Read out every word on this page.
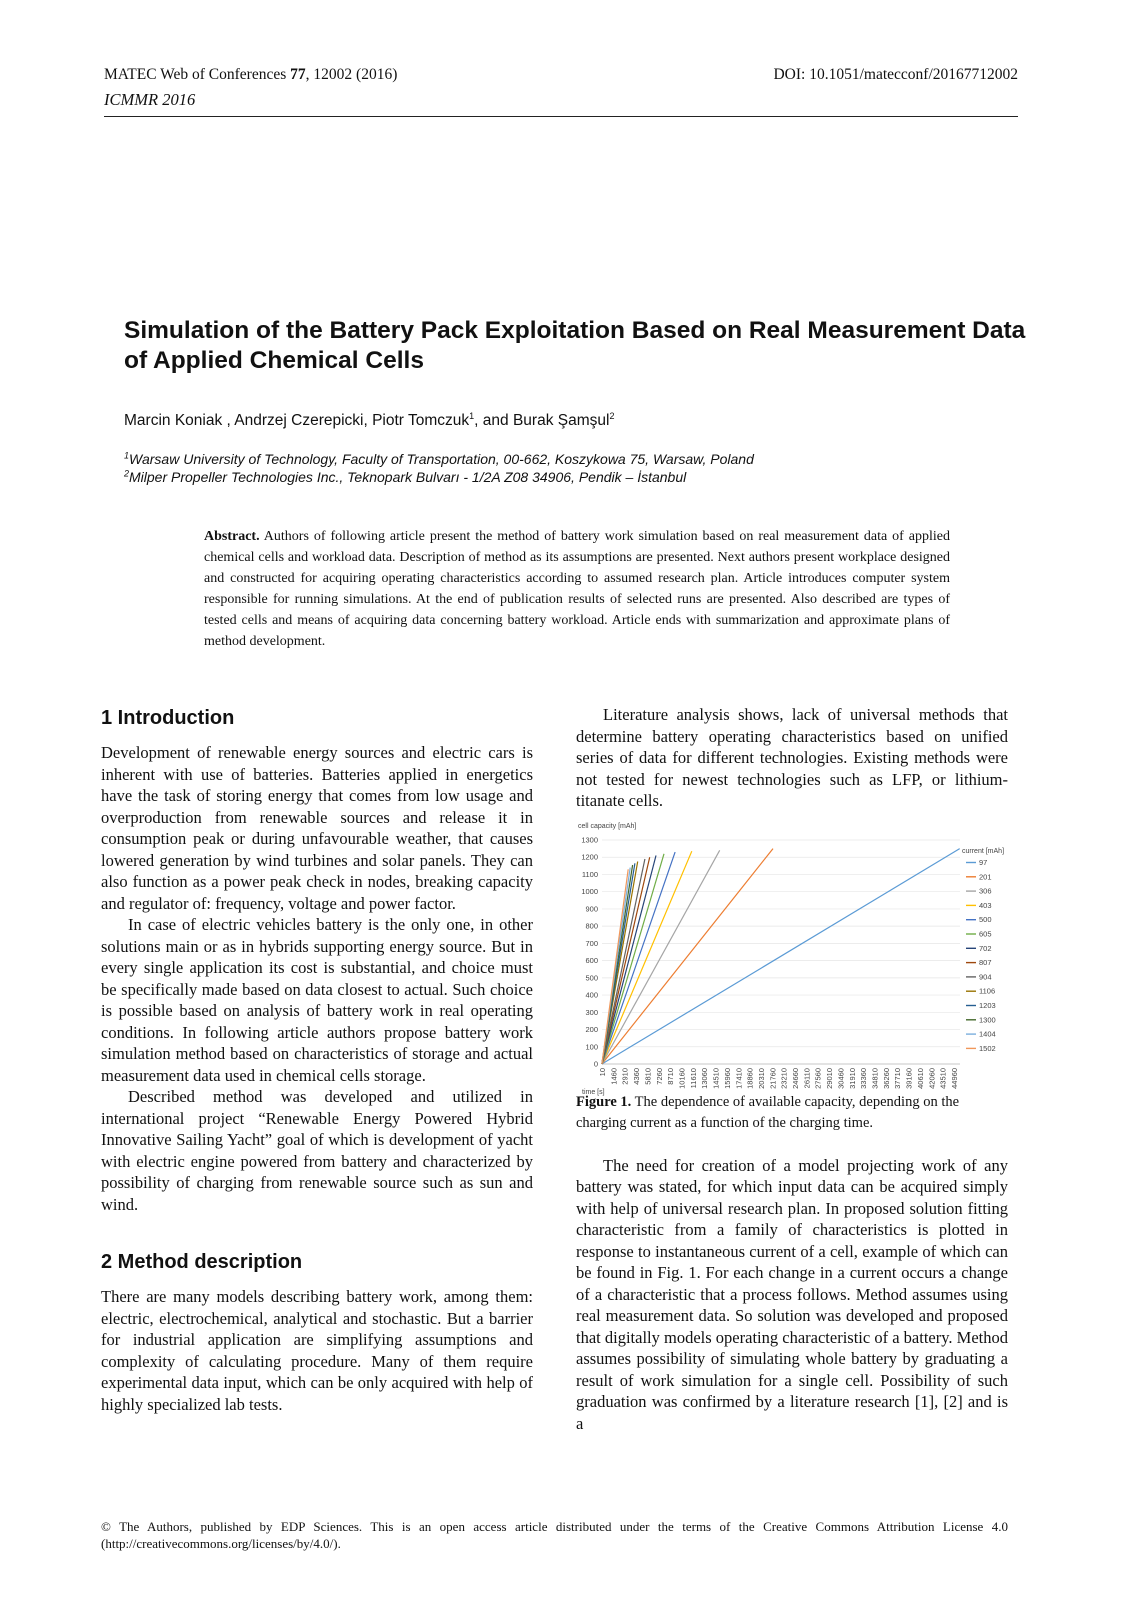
MATEC Web of Conferences 77, 12002 (2016)
ICMMR 2016
DOI: 10.1051/matecconf/20167712002
Simulation of the Battery Pack Exploitation Based on Real Measurement Data of Applied Chemical Cells
Marcin Koniak , Andrzej Czerepicki, Piotr Tomczuk$^1$, and Burak Şamşul$^2$
$^1$Warsaw University of Technology, Faculty of Transportation, 00-662, Koszykowa 75, Warsaw, Poland
$^2$Milper Propeller Technologies Inc., Teknopark Bulvarı - 1/2A Z08 34906, Pendik – İstanbul
Abstract. Authors of following article present the method of battery work simulation based on real measurement data of applied chemical cells and workload data. Description of method as its assumptions are presented. Next authors present workplace designed and constructed for acquiring operating characteristics according to assumed research plan. Article introduces computer system responsible for running simulations. At the end of publication results of selected runs are presented. Also described are types of tested cells and means of acquiring data concerning battery workload. Article ends with summarization and approximate plans of method development.
1 Introduction

Development of renewable energy sources and electric cars is inherent with use of batteries. Batteries applied in energetics have the task of storing energy that comes from low usage and overproduction from renewable sources and release it in consumption peak or during unfavourable weather, that causes lowered generation by wind turbines and solar panels. They can also function as a power peak check in nodes, breaking capacity and regulator of: frequency, voltage and power factor.

In case of electric vehicles battery is the only one, in other solutions main or as in hybrids supporting energy source. But in every single application its cost is substantial, and choice must be specifically made based on data closest to actual. Such choice is possible based on analysis of battery work in real operating conditions. In following article authors propose battery work simulation method based on characteristics of storage and actual measurement data used in chemical cells storage.

Described method was developed and utilized in international project “Renewable Energy Powered Hybrid Innovative Sailing Yacht” goal of which is development of yacht with electric engine powered from battery and characterized by possibility of charging from renewable source such as sun and wind.

2 Method description

There are many models describing battery work, among them: electric, electrochemical, analytical and stochastic. But a barrier for industrial application are simplifying assumptions and complexity of calculating procedure. Many of them require experimental data input, which can be only acquired with help of highly specialized lab tests.

Literature analysis shows, lack of universal methods that determine battery operating characteristics based on unified series of data for different technologies. Existing methods were not tested for newest technologies such as LFP, or lithium-titanate cells.

0
100
200
300
400
500
600
700
800
900
1000
1100
1200
1300
cell capacity [mAh]
10 1460 2910 4360 5810 7260 8710 10160 11610 13060 14510 15960 17410 18860 20310 21760 23210 24660 26110 27560 29010 30460 31910 33360 34810 36260 37710 39160 40610 42060 43510 44960
time [s]
current [mAh]
97
201
306
403
500
605
702
807
904
1106
1203
1300
1404
1502
Figure 1. The dependence of available capacity, depending on the charging current as a function of the charging time.

The need for creation of a model projecting work of any battery was stated, for which input data can be acquired simply with help of universal research plan. In proposed solution fitting characteristic from a family of characteristics is plotted in response to instantaneous current of a cell, example of which can be found in Fig. 1. For each change in a current occurs a change of a characteristic that a process follows. Method assumes using real measurement data. So solution was developed and proposed that digitally models operating characteristic of a battery. Method assumes possibility of simulating whole battery by graduating a result of work simulation for a single cell. Possibility of such graduation was confirmed by a literature research [1], [2] and is a

© The Authors, published by EDP Sciences. This is an open access article distributed under the terms of the Creative Commons Attribution License 4.0 (http://creativecommons.org/licenses/by/4.0/).
